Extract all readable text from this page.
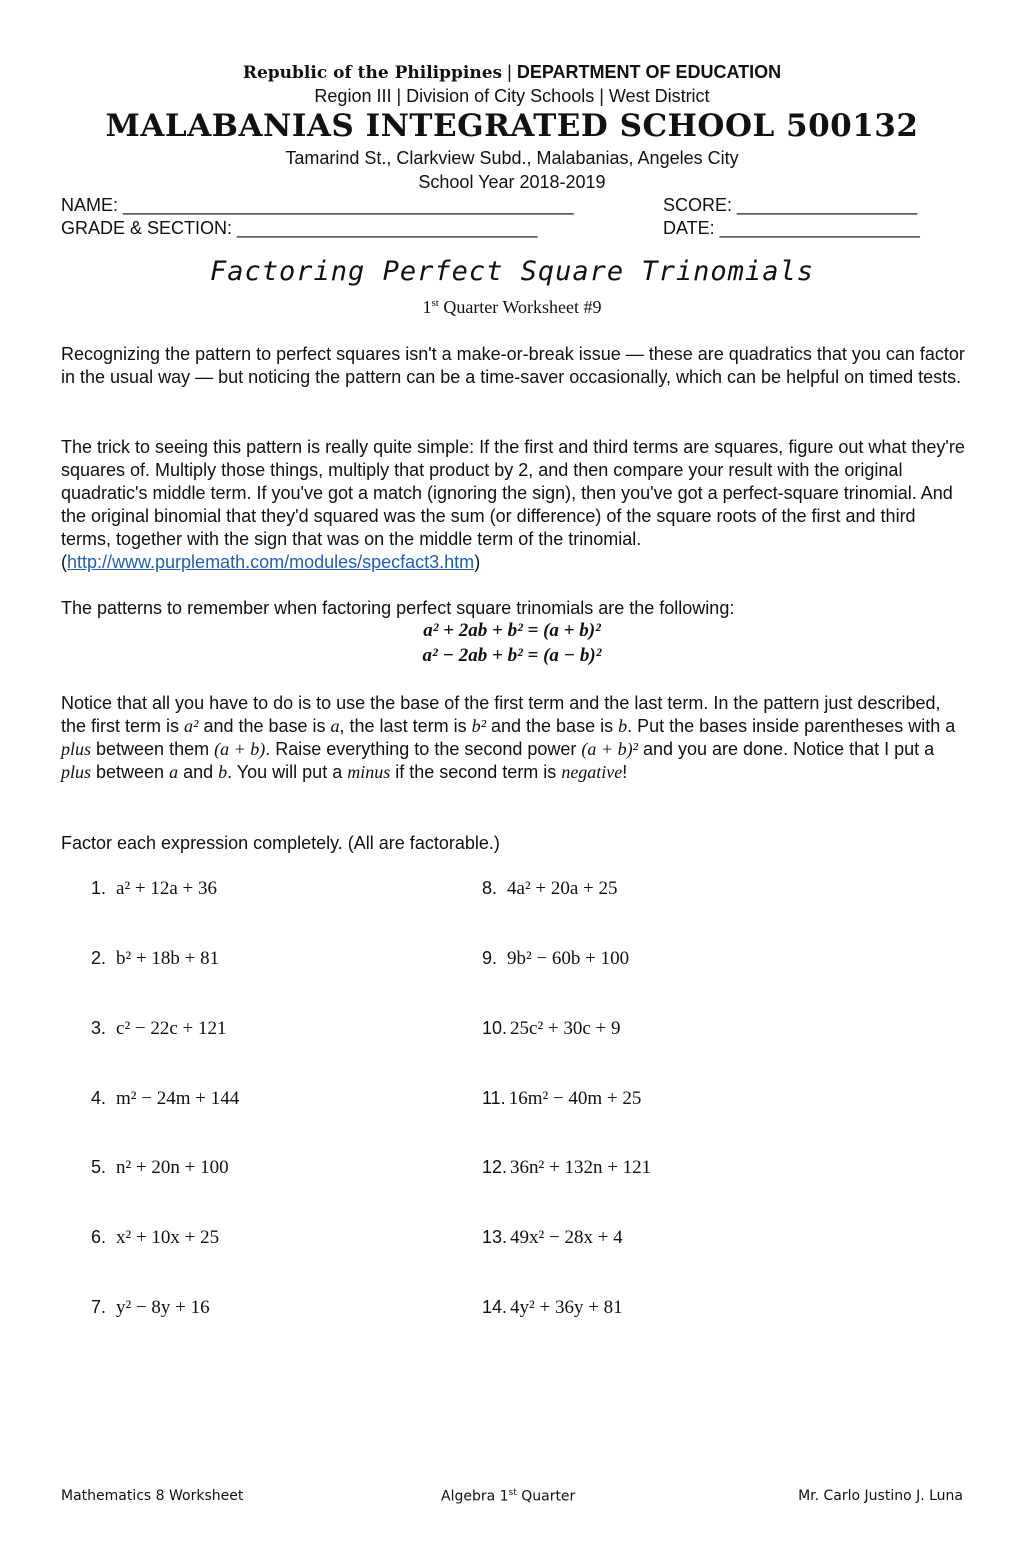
Republic of the Philippines | DEPARTMENT OF EDUCATION
Region III | Division of City Schools | West District
MALABANIAS INTEGRATED SCHOOL 500132
Tamarind St., Clarkview Subd., Malabanias, Angeles City
School Year 2018-2019
NAME: _____________________________________________	SCORE: __________________
GRADE & SECTION: ______________________________	DATE: ____________________
Factoring Perfect Square Trinomials
1st Quarter Worksheet #9
Recognizing the pattern to perfect squares isn't a make-or-break issue — these are quadratics that you can factor in the usual way — but noticing the pattern can be a time-saver occasionally, which can be helpful on timed tests.
The trick to seeing this pattern is really quite simple: If the first and third terms are squares, figure out what they're squares of. Multiply those things, multiply that product by 2, and then compare your result with the original quadratic's middle term. If you've got a match (ignoring the sign), then you've got a perfect-square trinomial. And the original binomial that they'd squared was the sum (or difference) of the square roots of the first and third terms, together with the sign that was on the middle term of the trinomial. (http://www.purplemath.com/modules/specfact3.htm)
The patterns to remember when factoring perfect square trinomials are the following:
a² + 2ab + b² = (a + b)²
a² − 2ab + b² = (a − b)²
Notice that all you have to do is to use the base of the first term and the last term. In the pattern just described, the first term is a² and the base is a, the last term is b² and the base is b. Put the bases inside parentheses with a plus between them (a + b). Raise everything to the second power (a + b)² and you are done. Notice that I put a plus between a and b. You will put a minus if the second term is negative!
Factor each expression completely. (All are factorable.)
1. a² + 12a + 36
2. b² + 18b + 81
3. c² − 22c + 121
4. m² − 24m + 144
5. n² + 20n + 100
6. x² + 10x + 25
7. y² − 8y + 16
8. 4a² + 20a + 25
9. 9b² − 60b + 100
10. 25c² + 30c + 9
11. 16m² − 40m + 25
12. 36n² + 132n + 121
13. 49x² − 28x + 4
14. 4y² + 36y + 81
Mathematics 8 Worksheet	Algebra 1st Quarter	Mr. Carlo Justino J. Luna
